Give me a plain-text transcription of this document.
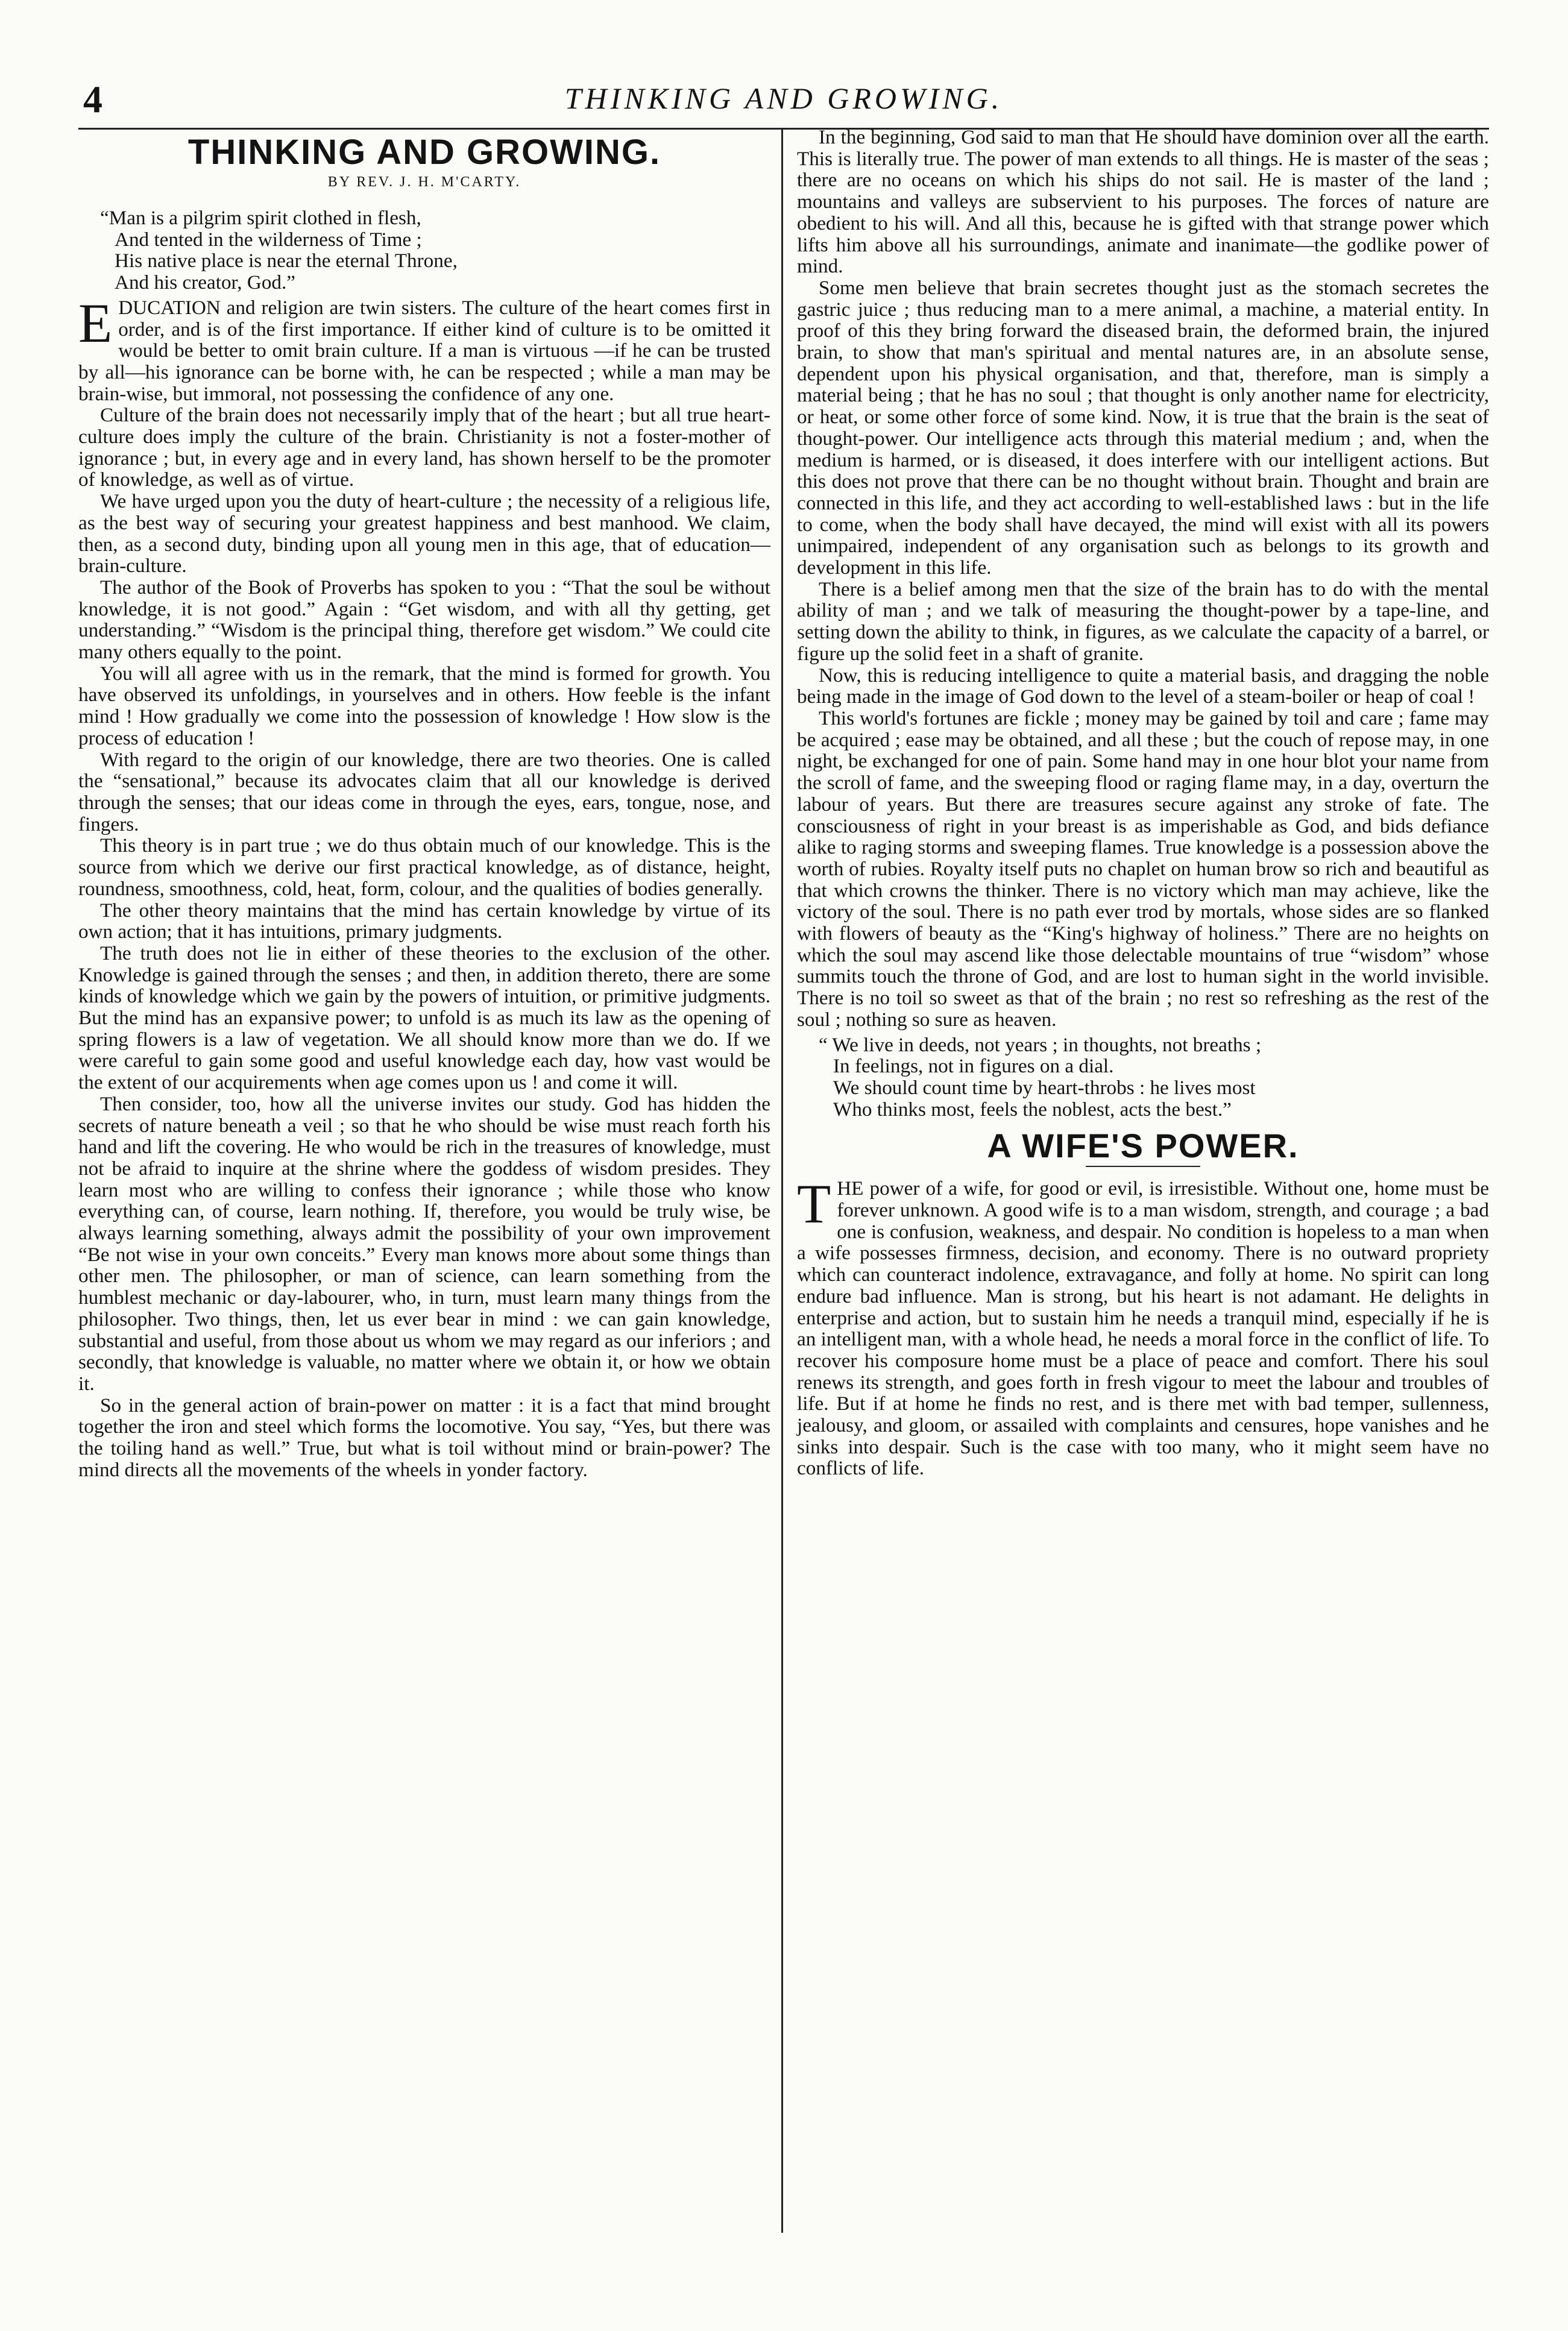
4	THINKING AND GROWING.
THINKING AND GROWING.
BY REV. J. H. M'CARTY.
“Man is a pilgrim spirit clothed in flesh,
And tented in the wilderness of Time ;
His native place is near the eternal Throne,
And his creator, God.”

EDUCATION and religion are twin sisters. The culture of the heart comes first in order, and is of the first importance. If either kind of culture is to be omitted it would be better to omit brain culture. If a man is virtuous —if he can be trusted by all—his ignorance can be borne with, he can be respected ; while a man may be brain-wise, but immoral, not possessing the confidence of any one.

Culture of the brain does not necessarily imply that of the heart ; but all true heart-culture does imply the culture of the brain. Christianity is not a foster-mother of ignorance ; but, in every age and in every land, has shown herself to be the promoter of knowledge, as well as of virtue.

We have urged upon you the duty of heart-culture ; the necessity of a religious life, as the best way of securing your greatest happiness and best manhood. We claim, then, as a second duty, binding upon all young men in this age, that of education—brain-culture.

The author of the Book of Proverbs has spoken to you : “That the soul be without knowledge, it is not good.” Again : “Get wisdom, and with all thy getting, get understanding.” “Wisdom is the principal thing, therefore get wisdom.” We could cite many others equally to the point.

You will all agree with us in the remark, that the mind is formed for growth. You have observed its unfoldings, in yourselves and in others. How feeble is the infant mind ! How gradually we come into the possession of knowledge ! How slow is the process of education !

With regard to the origin of our knowledge, there are two theories. One is called the “sensational,” because its advocates claim that all our knowledge is derived through the senses; that our ideas come in through the eyes, ears, tongue, nose, and fingers.

This theory is in part true ; we do thus obtain much of our knowledge. This is the source from which we derive our first practical knowledge, as of distance, height, roundness, smoothness, cold, heat, form, colour, and the qualities of bodies generally.

The other theory maintains that the mind has certain knowledge by virtue of its own action; that it has intuitions, primary judgments.

The truth does not lie in either of these theories to the exclusion of the other. Knowledge is gained through the senses ; and then, in addition thereto, there are some kinds of knowledge which we gain by the powers of intuition, or primitive judgments. But the mind has an expansive power; to unfold is as much its law as the opening of spring flowers is a law of vegetation. We all should know more than we do. If we were careful to gain some good and useful knowledge each day, how vast would be the extent of our acquirements when age comes upon us ! and come it will.

Then consider, too, how all the universe invites our study. God has hidden the secrets of nature beneath a veil ; so that he who should be wise must reach forth his hand and lift the covering. He who would be rich in the treasures of knowledge, must not be afraid to inquire at the shrine where the goddess of wisdom presides. They learn most who are willing to confess their ignorance ; while those who know everything can, of course, learn nothing. If, therefore, you would be truly wise, be always learning something, always admit the possibility of your own improvement “Be not wise in your own conceits.” Every man knows more about some things than other men. The philosopher, or man of science, can learn something from the humblest mechanic or day-labourer, who, in turn, must learn many things from the philosopher. Two things, then, let us ever bear in mind : we can gain knowledge, substantial and useful, from those about us whom we may regard as our inferiors ; and secondly, that knowledge is valuable, no matter where we obtain it, or how we obtain it.

So in the general action of brain-power on matter : it is a fact that mind brought together the iron and steel which forms the locomotive. You say, “Yes, but there was the toiling hand as well.” True, but what is toil without mind or brain-power? The mind directs all the movements of the wheels in yonder factory.

In the beginning, God said to man that He should have dominion over all the earth. This is literally true. The power of man extends to all things. He is master of the seas ; there are no oceans on which his ships do not sail. He is master of the land ; mountains and valleys are subservient to his purposes. The forces of nature are obedient to his will. And all this, because he is gifted with that strange power which lifts him above all his surroundings, animate and inanimate—the godlike power of mind.

Some men believe that brain secretes thought just as the stomach secretes the gastric juice ; thus reducing man to a mere animal, a machine, a material entity. In proof of this they bring forward the diseased brain, the deformed brain, the injured brain, to show that man's spiritual and mental natures are, in an absolute sense, dependent upon his physical organisation, and that, therefore, man is simply a material being ; that he has no soul ; that thought is only another name for electricity, or heat, or some other force of some kind. Now, it is true that the brain is the seat of thought-power. Our intelligence acts through this material medium ; and, when the medium is harmed, or is diseased, it does interfere with our intelligent actions. But this does not prove that there can be no thought without brain. Thought and brain are connected in this life, and they act according to well-established laws : but in the life to come, when the body shall have decayed, the mind will exist with all its powers unimpaired, independent of any organisation such as belongs to its growth and development in this life.

There is a belief among men that the size of the brain has to do with the mental ability of man ; and we talk of measuring the thought-power by a tape-line, and setting down the ability to think, in figures, as we calculate the capacity of a barrel, or figure up the solid feet in a shaft of granite.

Now, this is reducing intelligence to quite a material basis, and dragging the noble being made in the image of God down to the level of a steam-boiler or heap of coal !

This world's fortunes are fickle ; money may be gained by toil and care ; fame may be acquired ; ease may be obtained, and all these ; but the couch of repose may, in one night, be exchanged for one of pain. Some hand may in one hour blot your name from the scroll of fame, and the sweeping flood or raging flame may, in a day, overturn the labour of years. But there are treasures secure against any stroke of fate. The consciousness of right in your breast is as imperishable as God, and bids defiance alike to raging storms and sweeping flames. True knowledge is a possession above the worth of rubies. Royalty itself puts no chaplet on human brow so rich and beautiful as that which crowns the thinker. There is no victory which man may achieve, like the victory of the soul. There is no path ever trod by mortals, whose sides are so flanked with flowers of beauty as the “King's highway of holiness.” There are no heights on which the soul may ascend like those delectable mountains of true “wisdom” whose summits touch the throne of God, and are lost to human sight in the world invisible. There is no toil so sweet as that of the brain ; no rest so refreshing as the rest of the soul ; nothing so sure as heaven.

“ We live in deeds, not years ; in thoughts, not breaths ;
In feelings, not in figures on a dial.
We should count time by heart-throbs : he lives most
Who thinks most, feels the noblest, acts the best.”
A WIFE'S POWER.

THE power of a wife, for good or evil, is irresistible. Without one, home must be forever unknown. A good wife is to a man wisdom, strength, and courage ; a bad one is confusion, weakness, and despair. No condition is hopeless to a man when a wife possesses firmness, decision, and economy. There is no outward propriety which can counteract indolence, extravagance, and folly at home. No spirit can long endure bad influence. Man is strong, but his heart is not adamant. He delights in enterprise and action, but to sustain him he needs a tranquil mind, especially if he is an intelligent man, with a whole head, he needs a moral force in the conflict of life. To recover his composure home must be a place of peace and comfort. There his soul renews its strength, and goes forth in fresh vigour to meet the labour and troubles of life. But if at home he finds no rest, and is there met with bad temper, sullenness, jealousy, and gloom, or assailed with complaints and censures, hope vanishes and he sinks into despair. Such is the case with too many, who it might seem have no conflicts of life.
